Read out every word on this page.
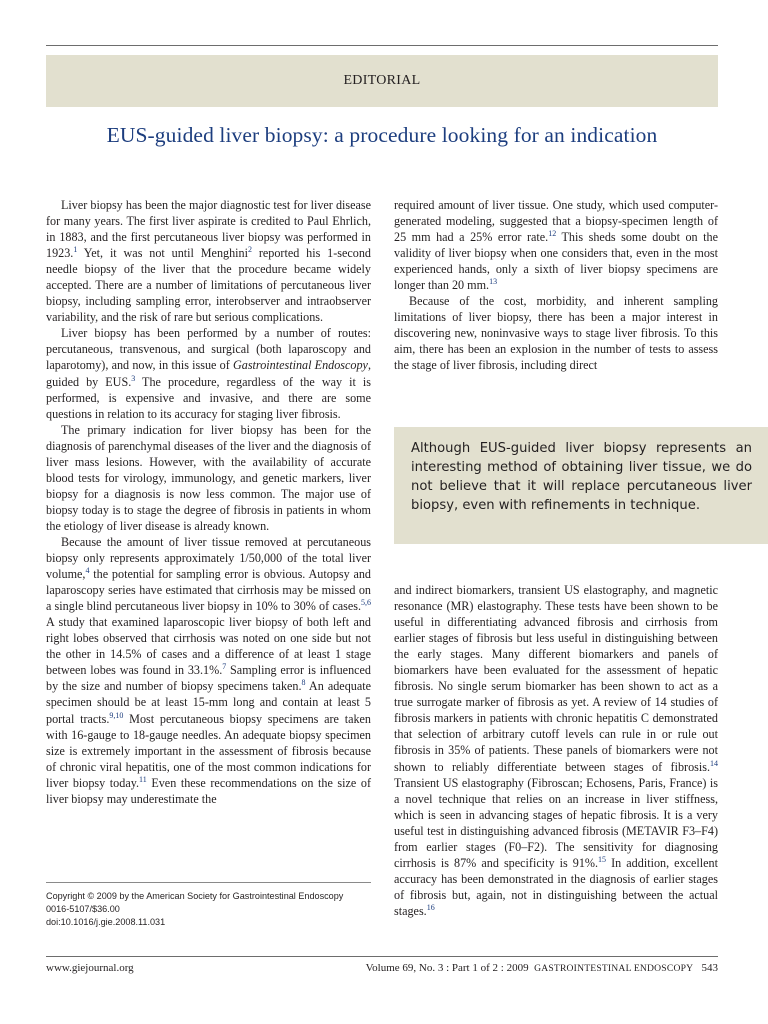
EDITORIAL
EUS-guided liver biopsy: a procedure looking for an indication

Liver biopsy has been the major diagnostic test for liver disease for many years. The first liver aspirate is credited to Paul Ehrlich, in 1883, and the first percutaneous liver biopsy was performed in 1923.$^1$ Yet, it was not until Menghini$^2$ reported his 1-second needle biopsy of the liver that the procedure became widely accepted. There are a number of limitations of percutaneous liver biopsy, including sampling error, interobserver and intraobserver variability, and the risk of rare but serious complications.

Liver biopsy has been performed by a number of routes: percutaneous, transvenous, and surgical (both laparoscopy and laparotomy), and now, in this issue of Gastrointestinal Endoscopy, guided by EUS.$^3$ The procedure, regardless of the way it is performed, is expensive and invasive, and there are some questions in relation to its accuracy for staging liver fibrosis.

The primary indication for liver biopsy has been for the diagnosis of parenchymal diseases of the liver and the diagnosis of liver mass lesions. However, with the availability of accurate blood tests for virology, immunology, and genetic markers, liver biopsy for a diagnosis is now less common. The major use of biopsy today is to stage the degree of fibrosis in patients in whom the etiology of liver disease is already known.

Because the amount of liver tissue removed at percutaneous biopsy only represents approximately 1/50,000 of the total liver volume,$^4$ the potential for sampling error is obvious. Autopsy and laparoscopy series have estimated that cirrhosis may be missed on a single blind percutaneous liver biopsy in 10% to 30% of cases.$^{5,6}$ A study that examined laparoscopic liver biopsy of both left and right lobes observed that cirrhosis was noted on one side but not the other in 14.5% of cases and a difference of at least 1 stage between lobes was found in 33.1%.$^7$ Sampling error is influenced by the size and number of biopsy specimens taken.$^8$ An adequate specimen should be at least 15-mm long and contain at least 5 portal tracts.$^{9,10}$ Most percutaneous biopsy specimens are taken with 16-gauge to 18-gauge needles. An adequate biopsy specimen size is extremely important in the assessment of fibrosis because of chronic viral hepatitis, one of the most common indications for liver biopsy today.$^{11}$ Even these recommendations on the size of liver biopsy may underestimate the

required amount of liver tissue. One study, which used computer-generated modeling, suggested that a biopsy-specimen length of 25 mm had a 25% error rate.$^{12}$ This sheds some doubt on the validity of liver biopsy when one considers that, even in the most experienced hands, only a sixth of liver biopsy specimens are longer than 20 mm.$^{13}$

Because of the cost, morbidity, and inherent sampling limitations of liver biopsy, there has been a major interest in discovering new, noninvasive ways to stage liver fibrosis. To this aim, there has been an explosion in the number of tests to assess the stage of liver fibrosis, including direct

Although EUS-guided liver biopsy represents an interesting method of obtaining liver tissue, we do not believe that it will replace percutaneous liver biopsy, even with refinements in technique.

and indirect biomarkers, transient US elastography, and magnetic resonance (MR) elastography. These tests have been shown to be useful in differentiating advanced fibrosis and cirrhosis from earlier stages of fibrosis but less useful in distinguishing between the early stages. Many different biomarkers and panels of biomarkers have been evaluated for the assessment of hepatic fibrosis. No single serum biomarker has been shown to act as a true surrogate marker of fibrosis as yet. A review of 14 studies of fibrosis markers in patients with chronic hepatitis C demonstrated that selection of arbitrary cutoff levels can rule in or rule out fibrosis in 35% of patients. These panels of biomarkers were not shown to reliably differentiate between stages of fibrosis.$^{14}$ Transient US elastography (Fibroscan; Echosens, Paris, France) is a novel technique that relies on an increase in liver stiffness, which is seen in advancing stages of hepatic fibrosis. It is a very useful test in distinguishing advanced fibrosis (METAVIR F3–F4) from earlier stages (F0–F2). The sensitivity for diagnosing cirrhosis is 87% and specificity is 91%.$^{15}$ In addition, excellent accuracy has been demonstrated in the diagnosis of earlier stages of fibrosis but, again, not in distinguishing between the actual stages.$^{16}$

Copyright © 2009 by the American Society for Gastrointestinal Endoscopy
0016-5107/$36.00
doi:10.1016/j.gie.2008.11.031
www.giejournal.org	Volume 69, No. 3 : Part 1 of 2 : 2009 GASTROINTESTINAL ENDOSCOPY 543
